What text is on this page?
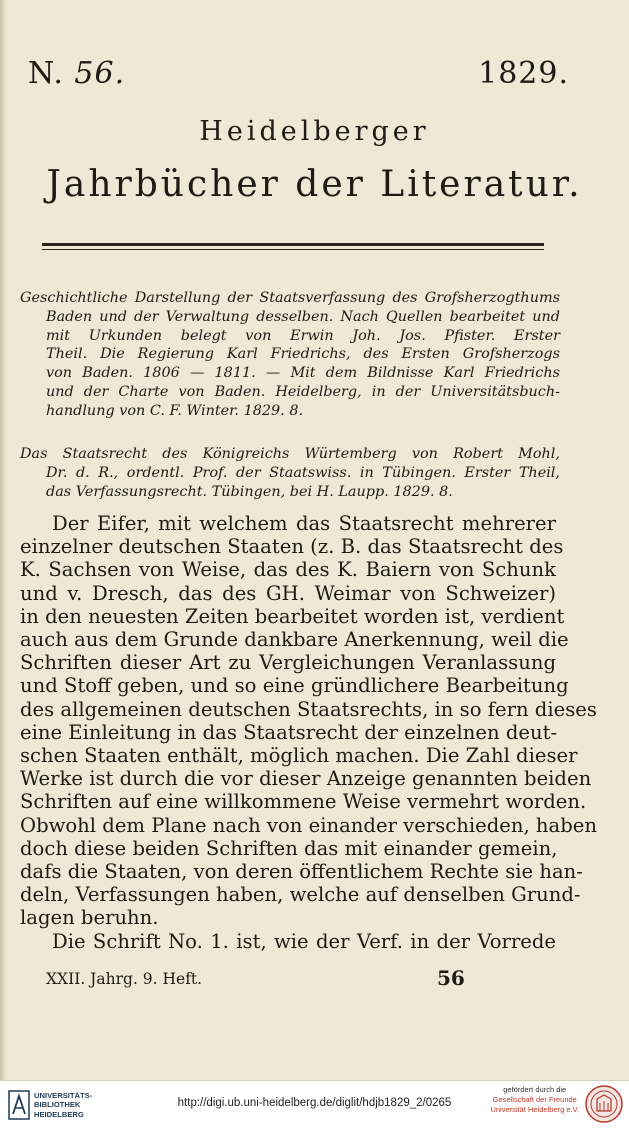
N. 56.	1829.
Heidelberger
Jahrbücher der Literatur.
Geschichtliche Darstellung der Staatsverfassung des Grofsherzogthums
Baden und der Verwaltung desselben. Nach Quellen bearbeitet und
mit Urkunden belegt von Erwin Joh. Jos. Pfister. Erster
Theil. Die Regierung Karl Friedrichs, des Ersten Grofsherzogs
von Baden. 1806 — 1811. — Mit dem Bildnisse Karl Friedrichs
und der Charte von Baden. Heidelberg, in der Universitätsbuch-
handlung von C. F. Winter. 1829. 8.
Das Staatsrecht des Königreichs Würtemberg von Robert Mohl,
Dr. d. R., ordentl. Prof. der Staatswiss. in Tübingen. Erster Theil,
das Verfassungsrecht. Tübingen, bei H. Laupp. 1829. 8.
Der Eifer, mit welchem das Staatsrecht mehrerer
einzelner deutschen Staaten (z. B. das Staatsrecht des
K. Sachsen von Weise, das des K. Baiern von Schunk
und v. Dresch, das des GH. Weimar von Schweizer)
in den neuesten Zeiten bearbeitet worden ist, verdient
auch aus dem Grunde dankbare Anerkennung, weil die
Schriften dieser Art zu Vergleichungen Veranlassung
und Stoff geben, und so eine gründlichere Bearbeitung
des allgemeinen deutschen Staatsrechts, in so fern dieses
eine Einleitung in das Staatsrecht der einzelnen deut-
schen Staaten enthält, möglich machen. Die Zahl dieser
Werke ist durch die vor dieser Anzeige genannten beiden
Schriften auf eine willkommene Weise vermehrt worden.
Obwohl dem Plane nach von einander verschieden, haben
doch diese beiden Schriften das mit einander gemein,
dafs die Staaten, von deren öffentlichem Rechte sie han-
deln, Verfassungen haben, welche auf denselben Grund-
lagen beruhn.
Die Schrift No. 1. ist, wie der Verf. in der Vorrede
XXII. Jahrg. 9. Heft.	56
UNIVERSITÄTS-
BIBLIOTHEK
HEIDELBERG
http://digi.ub.uni-heidelberg.de/diglit/hdjb1829_2/0265
gefördert durch die
Gesellschaft der Freunde
Universität Heidelberg e.V.
